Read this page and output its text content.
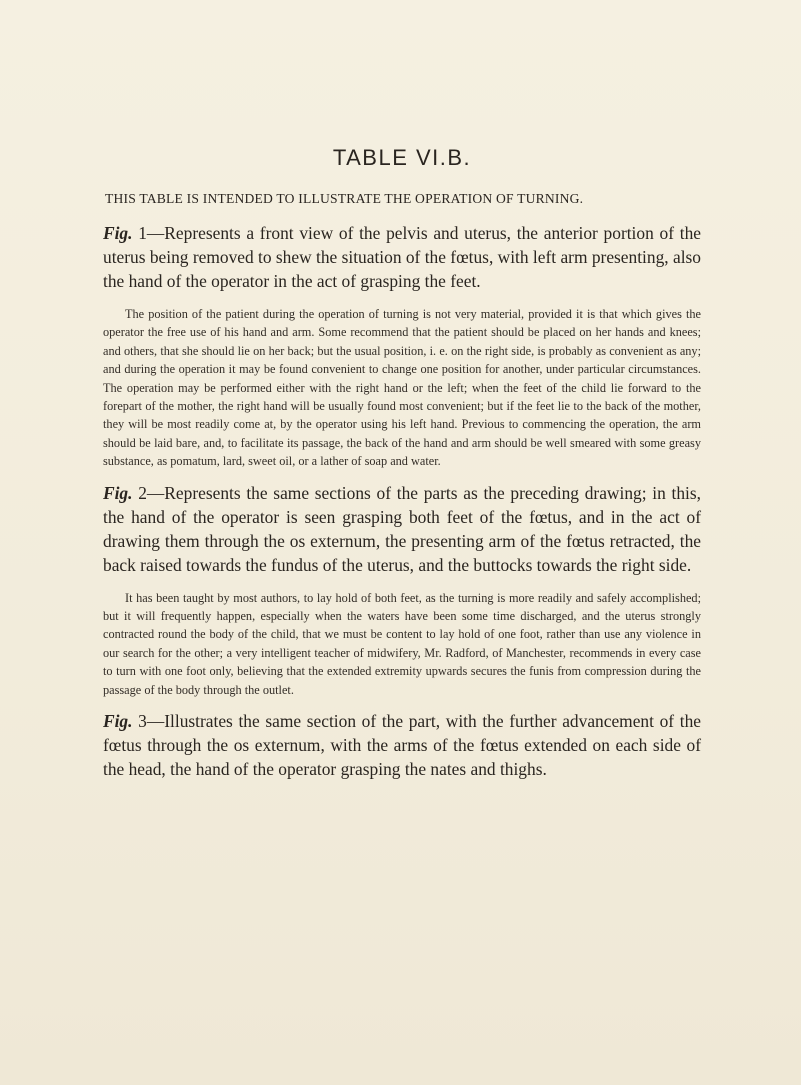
TABLE VI.B.
THIS TABLE IS INTENDED TO ILLUSTRATE THE OPERATION OF TURNING.
Fig. 1—Represents a front view of the pelvis and uterus, the anterior portion of the uterus being removed to shew the situation of the fœtus, with left arm presenting, also the hand of the operator in the act of grasping the feet.

The position of the patient during the operation of turning is not very material, provided it is that which gives the operator the free use of his hand and arm. Some recommend that the patient should be placed on her hands and knees; and others, that she should lie on her back; but the usual position, i. e. on the right side, is probably as convenient as any; and during the operation it may be found convenient to change one position for another, under particular circumstances. The operation may be performed either with the right hand or the left; when the feet of the child lie forward to the forepart of the mother, the right hand will be usually found most convenient; but if the feet lie to the back of the mother, they will be most readily come at, by the operator using his left hand. Previous to commencing the operation, the arm should be laid bare, and, to facilitate its passage, the back of the hand and arm should be well smeared with some greasy substance, as pomatum, lard, sweet oil, or a lather of soap and water.

Fig. 2—Represents the same sections of the parts as the preceding drawing; in this, the hand of the operator is seen grasping both feet of the fœtus, and in the act of drawing them through the os externum, the presenting arm of the fœtus retracted, the back raised towards the fundus of the uterus, and the buttocks towards the right side.

It has been taught by most authors, to lay hold of both feet, as the turning is more readily and safely accomplished; but it will frequently happen, especially when the waters have been some time discharged, and the uterus strongly contracted round the body of the child, that we must be content to lay hold of one foot, rather than use any violence in our search for the other; a very intelligent teacher of midwifery, Mr. Radford, of Manchester, recommends in every case to turn with one foot only, believing that the extended extremity upwards secures the funis from compression during the passage of the body through the outlet.

Fig. 3—Illustrates the same section of the part, with the further advancement of the fœtus through the os externum, with the arms of the fœtus extended on each side of the head, the hand of the operator grasping the nates and thighs.
